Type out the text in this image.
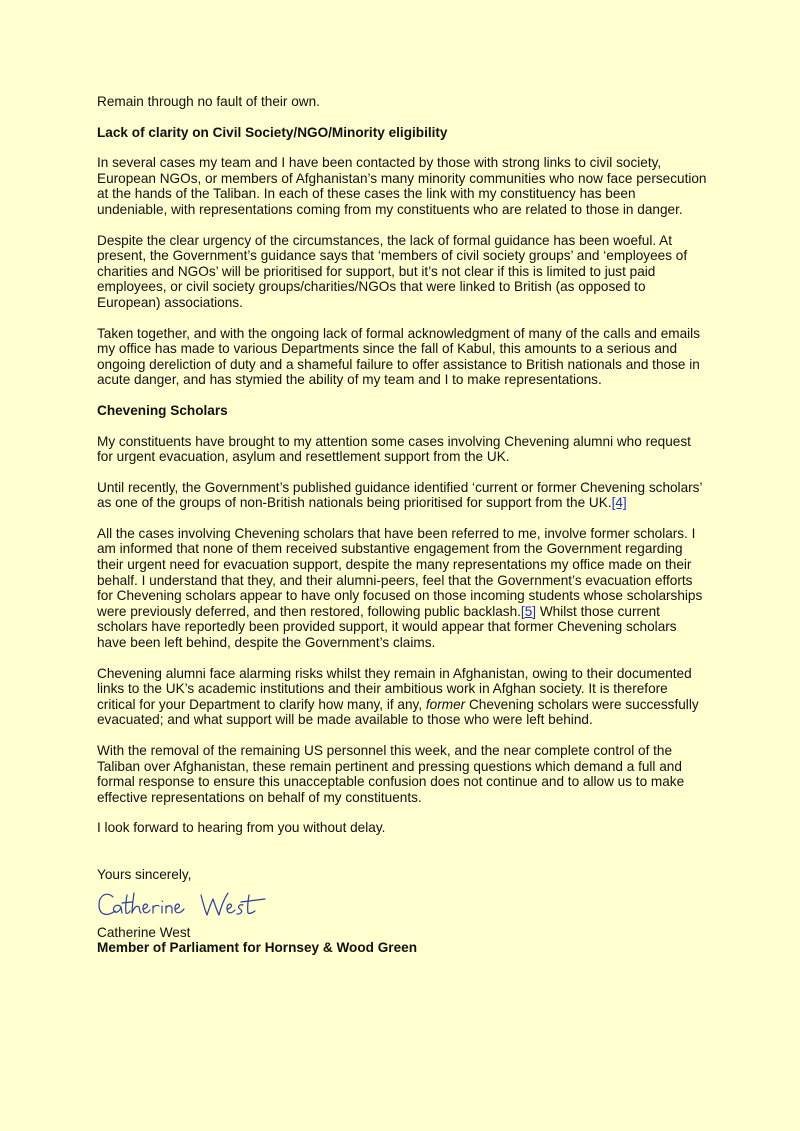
Remain through no fault of their own.

Lack of clarity on Civil Society/NGO/Minority eligibility

In several cases my team and I have been contacted by those with strong links to civil society, European NGOs, or members of Afghanistan’s many minority communities who now face persecution at the hands of the Taliban. In each of these cases the link with my constituency has been undeniable, with representations coming from my constituents who are related to those in danger.

Despite the clear urgency of the circumstances, the lack of formal guidance has been woeful. At present, the Government’s guidance says that ‘members of civil society groups’ and ‘employees of charities and NGOs’ will be prioritised for support, but it’s not clear if this is limited to just paid employees, or civil society groups/charities/NGOs that were linked to British (as opposed to European) associations.

Taken together, and with the ongoing lack of formal acknowledgment of many of the calls and emails my office has made to various Departments since the fall of Kabul, this amounts to a serious and ongoing dereliction of duty and a shameful failure to offer assistance to British nationals and those in acute danger, and has stymied the ability of my team and I to make representations.

Chevening Scholars

My constituents have brought to my attention some cases involving Chevening alumni who request for urgent evacuation, asylum and resettlement support from the UK.

Until recently, the Government’s published guidance identified ‘current or former Chevening scholars’ as one of the groups of non-British nationals being prioritised for support from the UK.[4]

All the cases involving Chevening scholars that have been referred to me, involve former scholars. I am informed that none of them received substantive engagement from the Government regarding their urgent need for evacuation support, despite the many representations my office made on their behalf. I understand that they, and their alumni-peers, feel that the Government’s evacuation efforts for Chevening scholars appear to have only focused on those incoming students whose scholarships were previously deferred, and then restored, following public backlash.[5] Whilst those current scholars have reportedly been provided support, it would appear that former Chevening scholars have been left behind, despite the Government’s claims.

Chevening alumni face alarming risks whilst they remain in Afghanistan, owing to their documented links to the UK’s academic institutions and their ambitious work in Afghan society. It is therefore critical for your Department to clarify how many, if any, former Chevening scholars were successfully evacuated; and what support will be made available to those who were left behind.

With the removal of the remaining US personnel this week, and the near complete control of the Taliban over Afghanistan, these remain pertinent and pressing questions which demand a full and formal response to ensure this unacceptable confusion does not continue and to allow us to make effective representations on behalf of my constituents.

I look forward to hearing from you without delay.

Yours sincerely,

Catherine West

Member of Parliament for Hornsey & Wood Green
